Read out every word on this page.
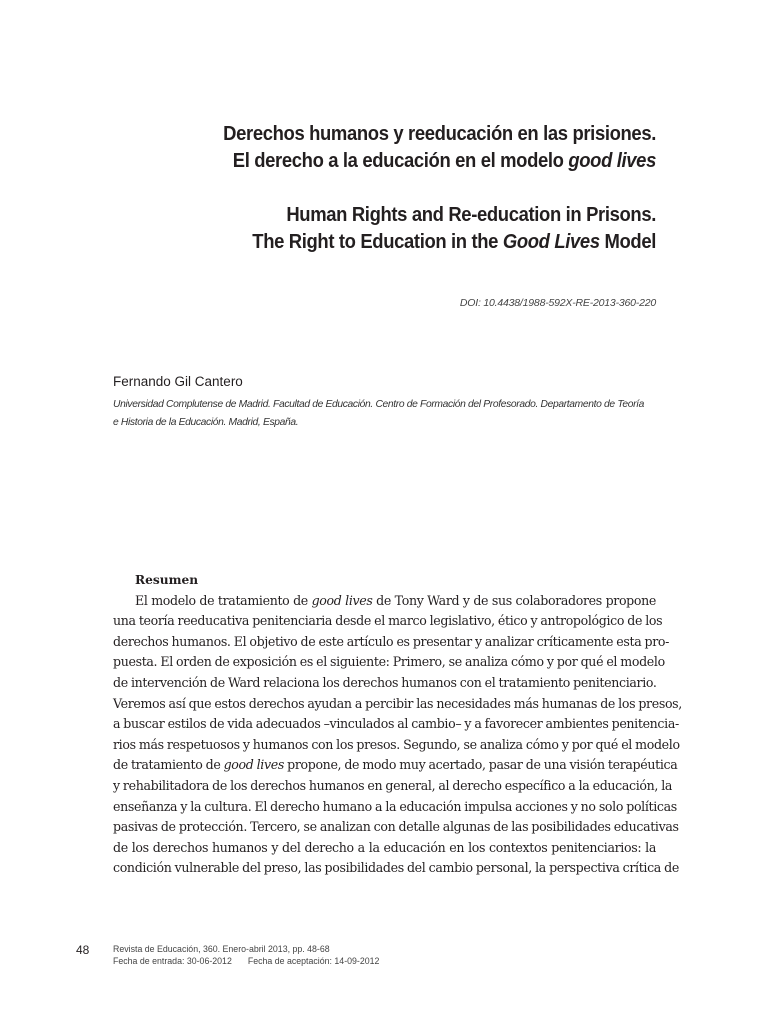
Derechos humanos y reeducación en las prisiones.
El derecho a la educación en el modelo good lives
Human Rights and Re-education in Prisons.
The Right to Education in the Good Lives Model
DOI: 10.4438/1988-592X-RE-2013-360-220
Fernando Gil Cantero
Universidad Complutense de Madrid. Facultad de Educación. Centro de Formación del Profesorado. Departamento de Teoría
e Historia de la Educación. Madrid, España.
Resumen
El modelo de tratamiento de good lives de Tony Ward y de sus colaboradores propone
una teoría reeducativa penitenciaria desde el marco legislativo, ético y antropológico de los
derechos humanos. El objetivo de este artículo es presentar y analizar críticamente esta pro-
puesta. El orden de exposición es el siguiente: Primero, se analiza cómo y por qué el modelo
de intervención de Ward relaciona los derechos humanos con el tratamiento penitenciario.
Veremos así que estos derechos ayudan a percibir las necesidades más humanas de los presos,
a buscar estilos de vida adecuados –vinculados al cambio– y a favorecer ambientes penitencia-
rios más respetuosos y humanos con los presos. Segundo, se analiza cómo y por qué el modelo
de tratamiento de good lives propone, de modo muy acertado, pasar de una visión terapéutica
y rehabilitadora de los derechos humanos en general, al derecho específico a la educación, la
enseñanza y la cultura. El derecho humano a la educación impulsa acciones y no solo políticas
pasivas de protección. Tercero, se analizan con detalle algunas de las posibilidades educativas
de los derechos humanos y del derecho a la educación en los contextos penitenciarios: la
condición vulnerable del preso, las posibilidades del cambio personal, la perspectiva crítica de
48	Revista de Educación, 360. Enero-abril 2013, pp. 48-68
Fecha de entrada: 30-06-2012 Fecha de aceptación: 14-09-2012
